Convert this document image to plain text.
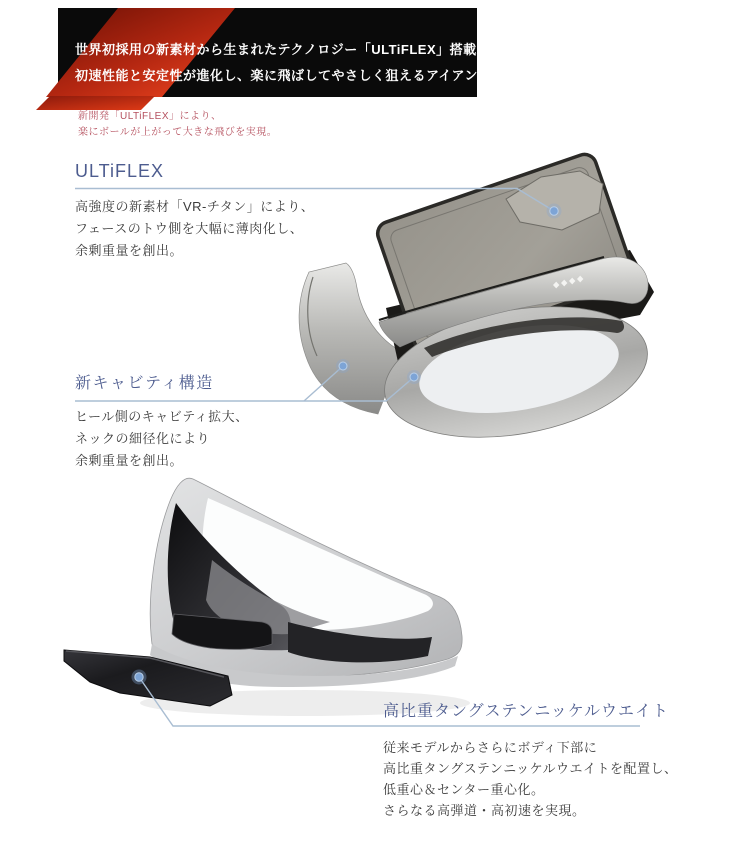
世界初採用の新素材から生まれたテクノロジー「ULTiFLEX」搭載。
初速性能と安定性が進化し、楽に飛ばしてやさしく狙えるアイアン。
新開発「ULTiFLEX」により、
楽にボールが上がって大きな飛びを実現。
ULTiFLEX
高強度の新素材「VR-チタン」により、
フェースのトウ側を大幅に薄肉化し、
余剰重量を創出。
新キャビティ構造
ヒール側のキャビティ拡大、
ネックの細径化により
余剰重量を創出。
高比重タングステンニッケルウエイト
従来モデルからさらにボディ下部に
高比重タングステンニッケルウエイトを配置し、
低重心＆センター重心化。
さらなる高弾道・高初速を実現。
